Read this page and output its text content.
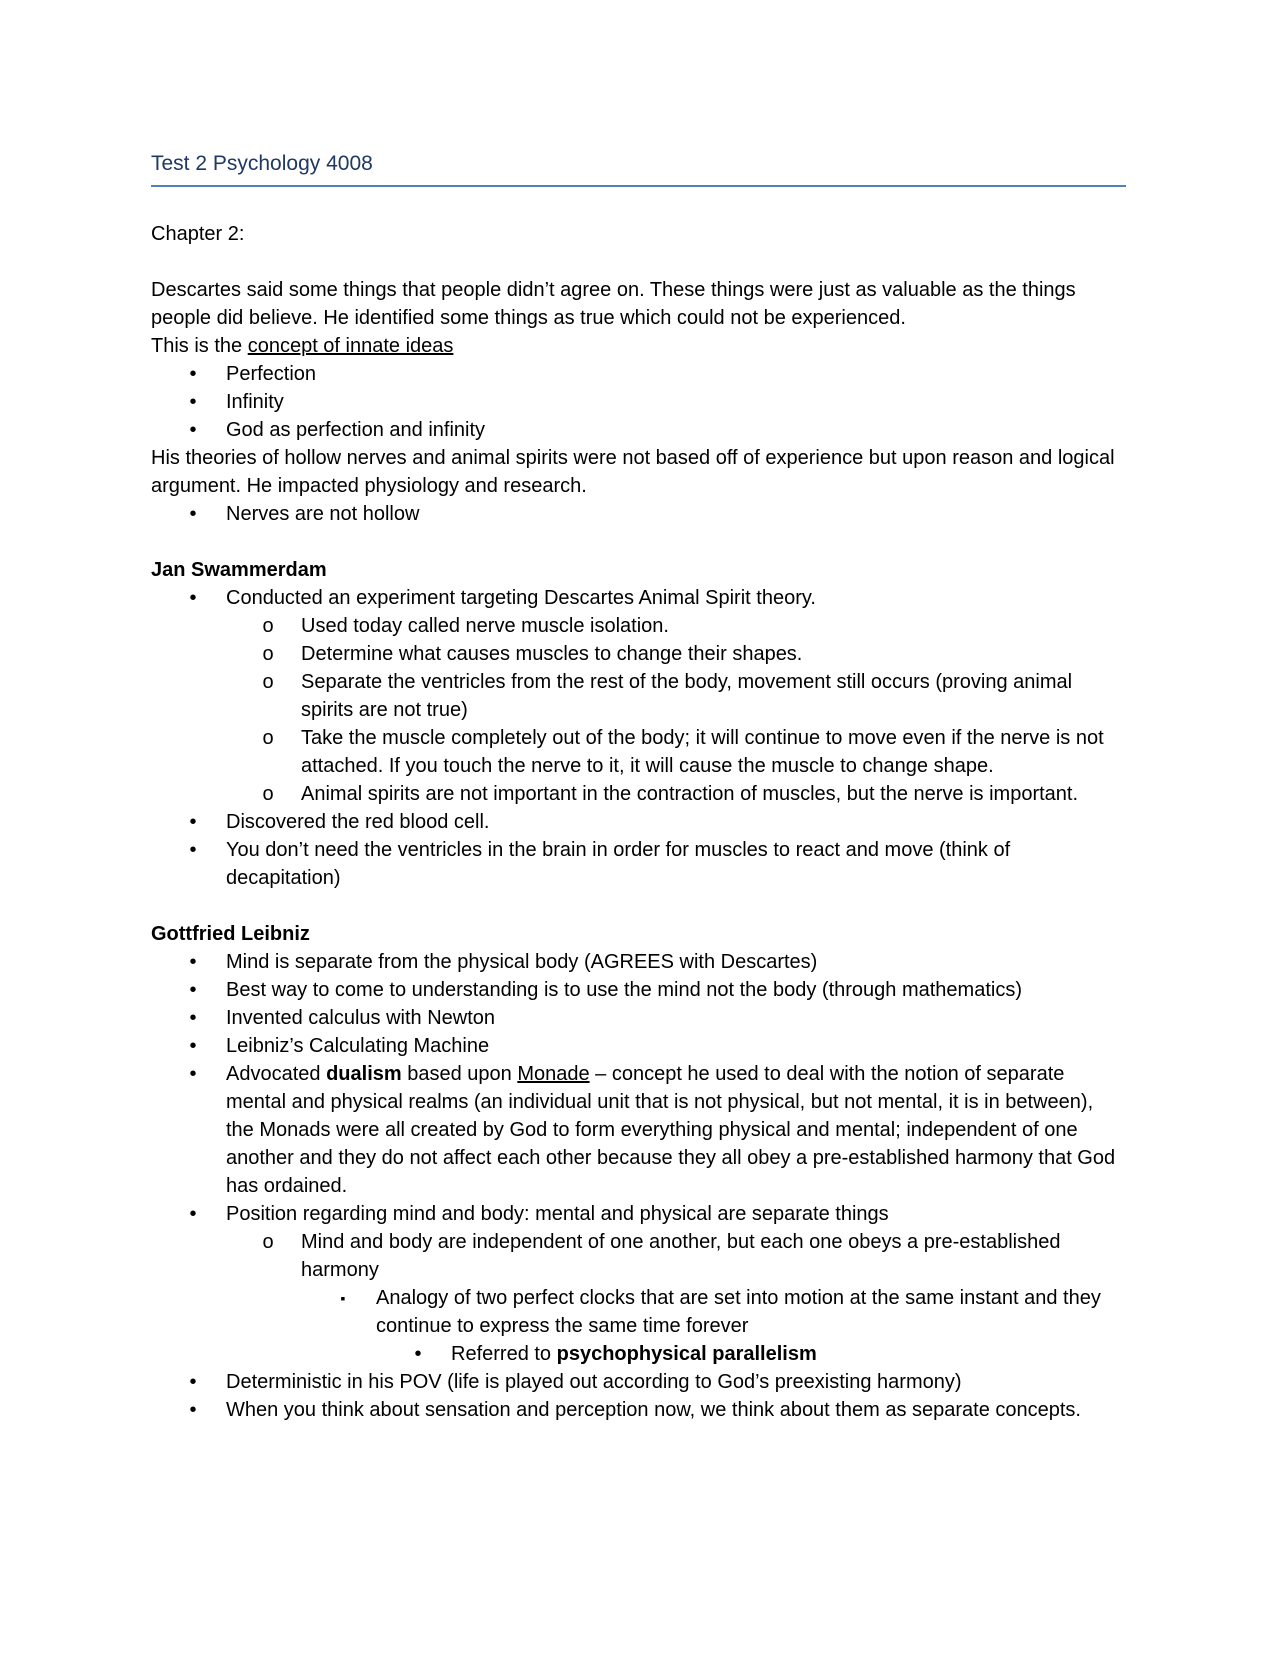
Test 2 Psychology 4008

Chapter 2:

Descartes said some things that people didn’t agree on. These things were just as valuable as the things people did believe. He identified some things as true which could not be experienced.

This is the concept of innate ideas

•	Perfection
•	Infinity
•	God as perfection and infinity

His theories of hollow nerves and animal spirits were not based off of experience but upon reason and logical argument. He impacted physiology and research.

•	Nerves are not hollow

Jan Swammerdam

•	Conducted an experiment targeting Descartes Animal Spirit theory.
o Used today called nerve muscle isolation.
o Determine what causes muscles to change their shapes.
o Separate the ventricles from the rest of the body, movement still occurs (proving animal spirits are not true)
o Take the muscle completely out of the body; it will continue to move even if the nerve is not attached. If you touch the nerve to it, it will cause the muscle to change shape.
o Animal spirits are not important in the contraction of muscles, but the nerve is important.
•	Discovered the red blood cell.
•	You don’t need the ventricles in the brain in order for muscles to react and move (think of decapitation)

Gottfried Leibniz

•	Mind is separate from the physical body (AGREES with Descartes)
•	Best way to come to understanding is to use the mind not the body (through mathematics)
•	Invented calculus with Newton
•	Leibniz’s Calculating Machine
•	Advocated dualism based upon Monade – concept he used to deal with the notion of separate mental and physical realms (an individual unit that is not physical, but not mental, it is in between), the Monads were all created by God to form everything physical and mental; independent of one another and they do not affect each other because they all obey a pre-established harmony that God has ordained.
•	Position regarding mind and body: mental and physical are separate things
o Mind and body are independent of one another, but each one obeys a pre-established harmony
▪	Analogy of two perfect clocks that are set into motion at the same instant and they continue to express the same time forever
•	Referred to psychophysical parallelism
•	Deterministic in his POV (life is played out according to God’s preexisting harmony)
•	When you think about sensation and perception now, we think about them as separate concepts.
